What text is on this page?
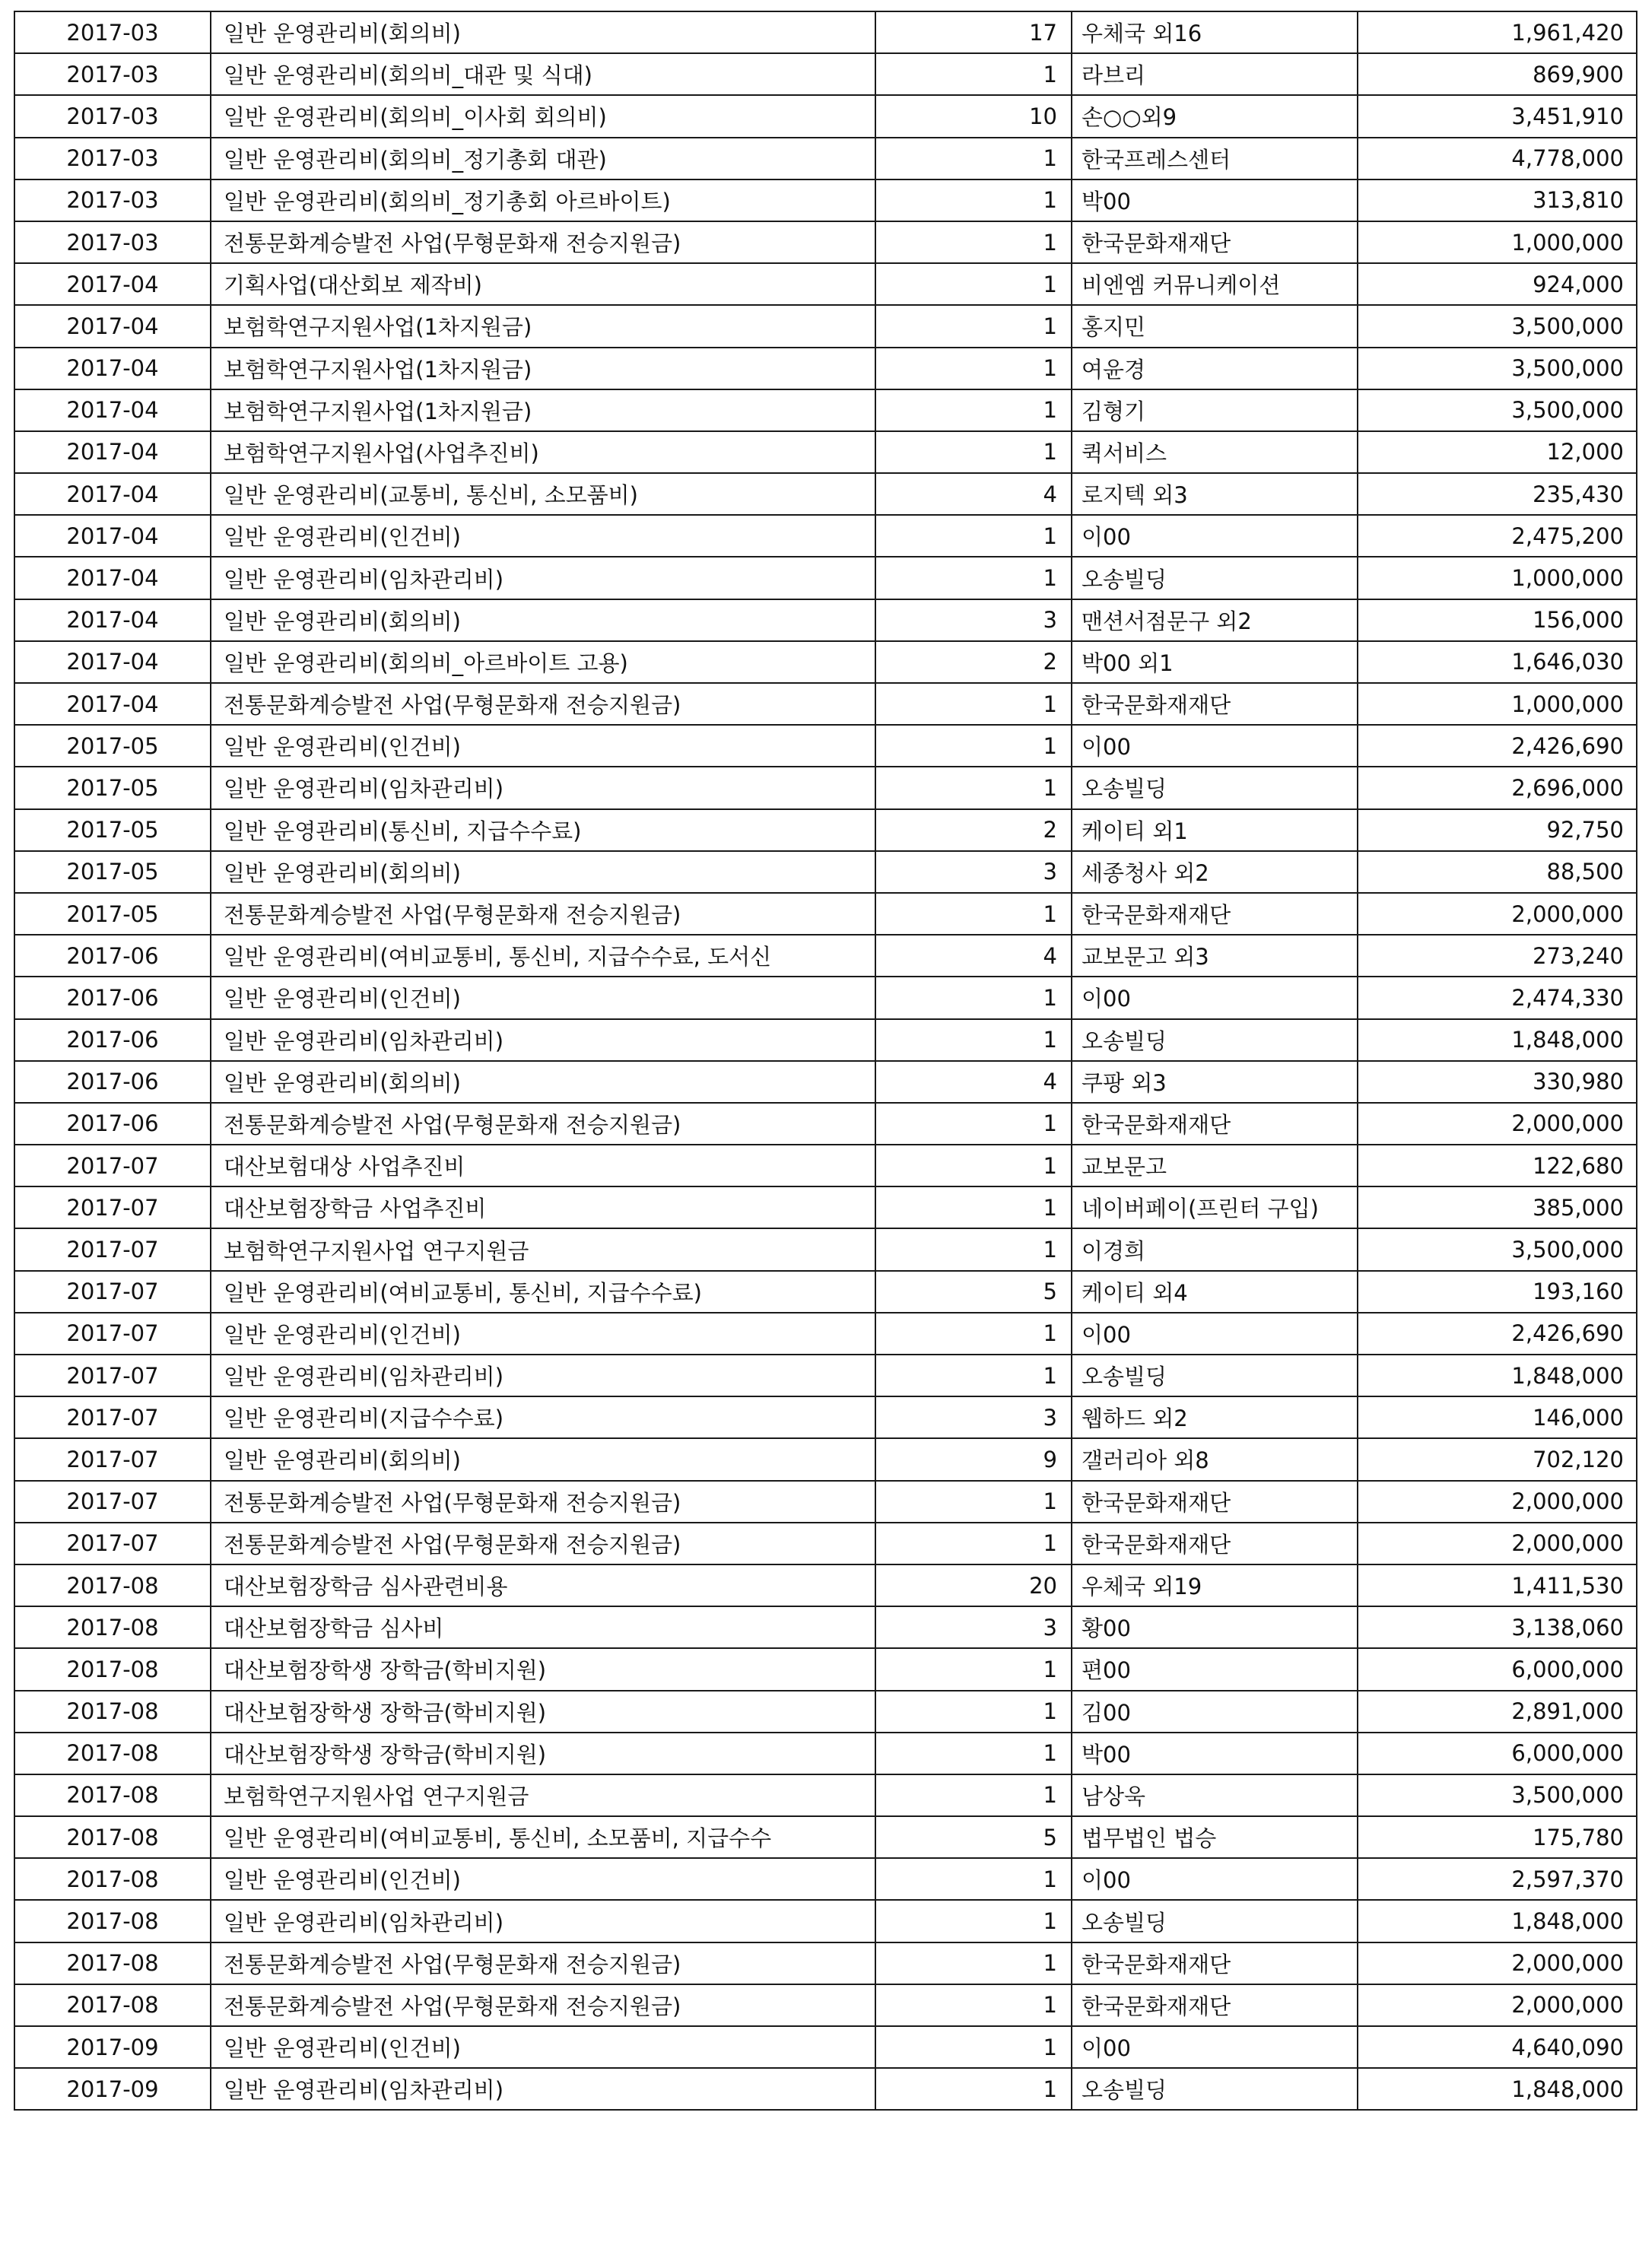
2017-03	일반 운영관리비(회의비)	17	우체국 외16	1,961,420
2017-03	일반 운영관리비(회의비_대관 및 식대)	1	라브리	869,900
2017-03	일반 운영관리비(회의비_이사회 회의비)	10	손○○외9	3,451,910
2017-03	일반 운영관리비(회의비_정기총회 대관)	1	한국프레스센터	4,778,000
2017-03	일반 운영관리비(회의비_정기총회 아르바이트)	1	박00	313,810
2017-03	전통문화계승발전 사업(무형문화재 전승지원금)	1	한국문화재재단	1,000,000
2017-04	기획사업(대산회보 제작비)	1	비엔엠 커뮤니케이션	924,000
2017-04	보험학연구지원사업(1차지원금)	1	홍지민	3,500,000
2017-04	보험학연구지원사업(1차지원금)	1	여윤경	3,500,000
2017-04	보험학연구지원사업(1차지원금)	1	김형기	3,500,000
2017-04	보험학연구지원사업(사업추진비)	1	퀵서비스	12,000
2017-04	일반 운영관리비(교통비, 통신비, 소모품비)	4	로지텍 외3	235,430
2017-04	일반 운영관리비(인건비)	1	이00	2,475,200
2017-04	일반 운영관리비(임차관리비)	1	오송빌딩	1,000,000
2017-04	일반 운영관리비(회의비)	3	맨션서점문구 외2	156,000
2017-04	일반 운영관리비(회의비_아르바이트 고용)	2	박00 외1	1,646,030
2017-04	전통문화계승발전 사업(무형문화재 전승지원금)	1	한국문화재재단	1,000,000
2017-05	일반 운영관리비(인건비)	1	이00	2,426,690
2017-05	일반 운영관리비(임차관리비)	1	오송빌딩	2,696,000
2017-05	일반 운영관리비(통신비, 지급수수료)	2	케이티 외1	92,750
2017-05	일반 운영관리비(회의비)	3	세종청사 외2	88,500
2017-05	전통문화계승발전 사업(무형문화재 전승지원금)	1	한국문화재재단	2,000,000
2017-06	일반 운영관리비(여비교통비, 통신비, 지급수수료, 도서신	4	교보문고 외3	273,240
2017-06	일반 운영관리비(인건비)	1	이00	2,474,330
2017-06	일반 운영관리비(임차관리비)	1	오송빌딩	1,848,000
2017-06	일반 운영관리비(회의비)	4	쿠팡 외3	330,980
2017-06	전통문화계승발전 사업(무형문화재 전승지원금)	1	한국문화재재단	2,000,000
2017-07	대산보험대상 사업추진비	1	교보문고	122,680
2017-07	대산보험장학금 사업추진비	1	네이버페이(프린터 구입)	385,000
2017-07	보험학연구지원사업 연구지원금	1	이경희	3,500,000
2017-07	일반 운영관리비(여비교통비, 통신비, 지급수수료)	5	케이티 외4	193,160
2017-07	일반 운영관리비(인건비)	1	이00	2,426,690
2017-07	일반 운영관리비(임차관리비)	1	오송빌딩	1,848,000
2017-07	일반 운영관리비(지급수수료)	3	웹하드 외2	146,000
2017-07	일반 운영관리비(회의비)	9	갤러리아 외8	702,120
2017-07	전통문화계승발전 사업(무형문화재 전승지원금)	1	한국문화재재단	2,000,000
2017-07	전통문화계승발전 사업(무형문화재 전승지원금)	1	한국문화재재단	2,000,000
2017-08	대산보험장학금 심사관련비용	20	우체국 외19	1,411,530
2017-08	대산보험장학금 심사비	3	황00	3,138,060
2017-08	대산보험장학생 장학금(학비지원)	1	편00	6,000,000
2017-08	대산보험장학생 장학금(학비지원)	1	김00	2,891,000
2017-08	대산보험장학생 장학금(학비지원)	1	박00	6,000,000
2017-08	보험학연구지원사업 연구지원금	1	남상욱	3,500,000
2017-08	일반 운영관리비(여비교통비, 통신비, 소모품비, 지급수수	5	법무법인 법승	175,780
2017-08	일반 운영관리비(인건비)	1	이00	2,597,370
2017-08	일반 운영관리비(임차관리비)	1	오송빌딩	1,848,000
2017-08	전통문화계승발전 사업(무형문화재 전승지원금)	1	한국문화재재단	2,000,000
2017-08	전통문화계승발전 사업(무형문화재 전승지원금)	1	한국문화재재단	2,000,000
2017-09	일반 운영관리비(인건비)	1	이00	4,640,090
2017-09	일반 운영관리비(임차관리비)	1	오송빌딩	1,848,000
